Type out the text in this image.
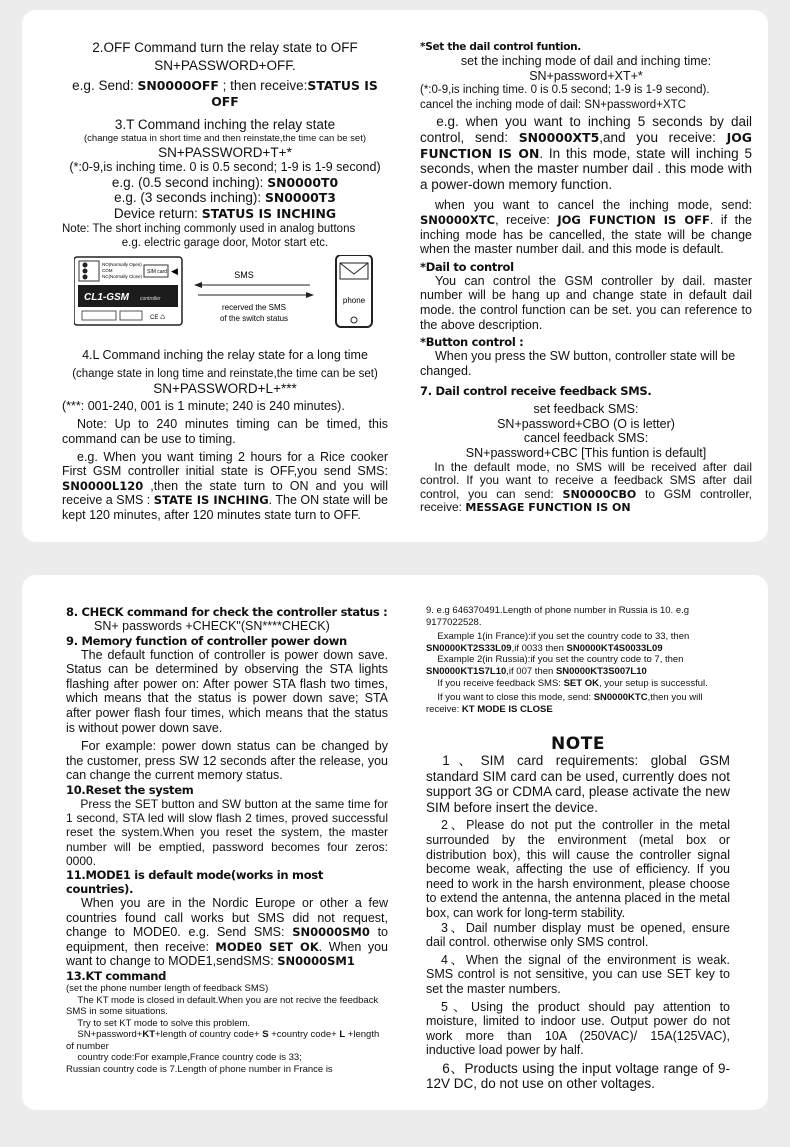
2.OFF Command turn the relay state to OFF

SN+PASSWORD+OFF.

e.g. Send: SN0000OFF ; then receive:STATUS IS OFF

3.T Command inching the relay state

(change statua in short time and then reinstate,the time can be set)

SN+PASSWORD+T+*

(*:0-9,is inching time. 0 is 0.5 second; 1-9 is 1-9 second)

e.g. (0.5 second inching): SN0000T0

e.g. (3 seconds inching): SN0000T3

Device return: STATUS IS INCHING

Note: The short inching commonly used in analog buttons

e.g. electric garage door, Motor start etc.

NO(Normally Open)
COM
NC(Normally Close)
SIM card ◀
CL1-GSM controller
CE ♺
SMS
recerved the SMS
of the switch status
phone

4.L Command inching the relay state for a long time

(change state in long time and reinstate,the time can be set)

SN+PASSWORD+L+***

(***: 001-240, 001 is 1 minute; 240 is 240 minutes).

Note: Up to 240 minutes timing can be timed, this command can be use to timing.

e.g. When you want timing 2 hours for a Rice cooker First GSM controller initial state is OFF,you send SMS: SN0000L120 ,then the state turn to ON and you will receive a SMS : STATE IS INCHING. The ON state will be kept 120 minutes, after 120 minutes state turn to OFF.

*Set the dail control funtion.

set the inching mode of dail and inching time:

SN+password+XT+*

(*:0-9,is inching time. 0 is 0.5 second; 1-9 is 1-9 second).

cancel the inching mode of dail: SN+password+XTC

e.g. when you want to inching 5 seconds by dail control, send: SN0000XT5,and you receive: JOG FUNCTION IS ON. In this mode, state will inching 5 seconds, when the master number dail . this mode with a power-down memory function.

when you want to cancel the inching mode, send: SN0000XTC, receive: JOG FUNCTION IS OFF. if the inching mode has be cancelled, the state will be change when the master number dail. and this mode is default.

*Dail to control

You can control the GSM controller by dail. master number will be hang up and change state in default dail mode. the control function can be set. you can reference to the above description.

*Button control :

When you press the SW button, controller state will be changed.

7. Dail control receive feedback SMS.

set feedback SMS:

SN+password+CBO (O is letter)

cancel feedback SMS:

SN+password+CBC [This funtion is default]

In the default mode, no SMS will be received after dail control. If you want to receive a feedback SMS after dail control, you can send: SN0000CBO to GSM controller, receive: MESSAGE FUNCTION IS ON

8. CHECK command for check the controller status :

SN+ passwords +CHECK"(SN****CHECK)

9. Memory function of controller power down

The default function of controller is power down save. Status can be determined by observing the STA lights flashing after power on: After power STA flash two times, which means that the status is power down save; STA after power flash four times, which means that the status is without power down save.

For example: power down status can be changed by the customer, press SW 12 seconds after the release, you can change the current memory status.

10.Reset the system

Press the SET button and SW button at the same time for 1 second, STA led will slow flash 2 times, proved successful reset the system.When you reset the system, the master number will be emptied, password becomes four zeros: 0000.

11.MODE1 is default mode(works in most countries).

When you are in the Nordic Europe or other a few countries found call works but SMS did not request, change to MODE0. e.g. Send SMS: SN0000SM0 to equipment, then receive: MODE0 SET OK. When you want to change to MODE1,sendSMS: SN0000SM1

13.KT command

(set the phone number length of feedback SMS)

The KT mode is closed in default.When you are not recive the feedback SMS in some situations.

Try to set KT mode to solve this problem.

SN+password+KT+length of country code+ S +country code+ L +length of number

country code:For example,France country code is 33;

Russian country code is 7.Length of phone number in France is

9. e.g 646370491.Length of phone number in Russia is 10. e.g 9177022528.

Example 1(in France):if you set the country code to 33, then

SN0000KT2S33L09,if 0033 then SN0000KT4S0033L09

Example 2(in Russia):if you set the country code to 7, then

SN0000KT1S7L10,if 007 then SN0000KT3S007L10

If you receive feedback SMS: SET OK, your setup is successful.

If you want to close this mode, send: SN0000KTC,then you will receive: KT MODE IS CLOSE

NOTE

1、SIM card requirements: global GSM standard SIM card can be used, currently does not support 3G or CDMA card, please activate the new SIM before insert the device.

2、Please do not put the controller in the metal surrounded by the environment (metal box or distribution box), this will cause the controller signal become weak, affecting the use of efficiency. If you need to work in the harsh environment, please choose to extend the antenna, the antenna placed in the metal box, can work for long-term stability.

3、Dail number display must be opened, ensure dail control. otherwise only SMS control.

4、When the signal of the environment is weak. SMS control is not sensitive, you can use SET key to set the master numbers.

5、Using the product should pay attention to moisture, limited to indoor use. Output power do not work more than 10A (250VAC)/ 15A(125VAC), inductive load power by half.

6、Products using the input voltage range of 9-12V DC, do not use on other voltages.
